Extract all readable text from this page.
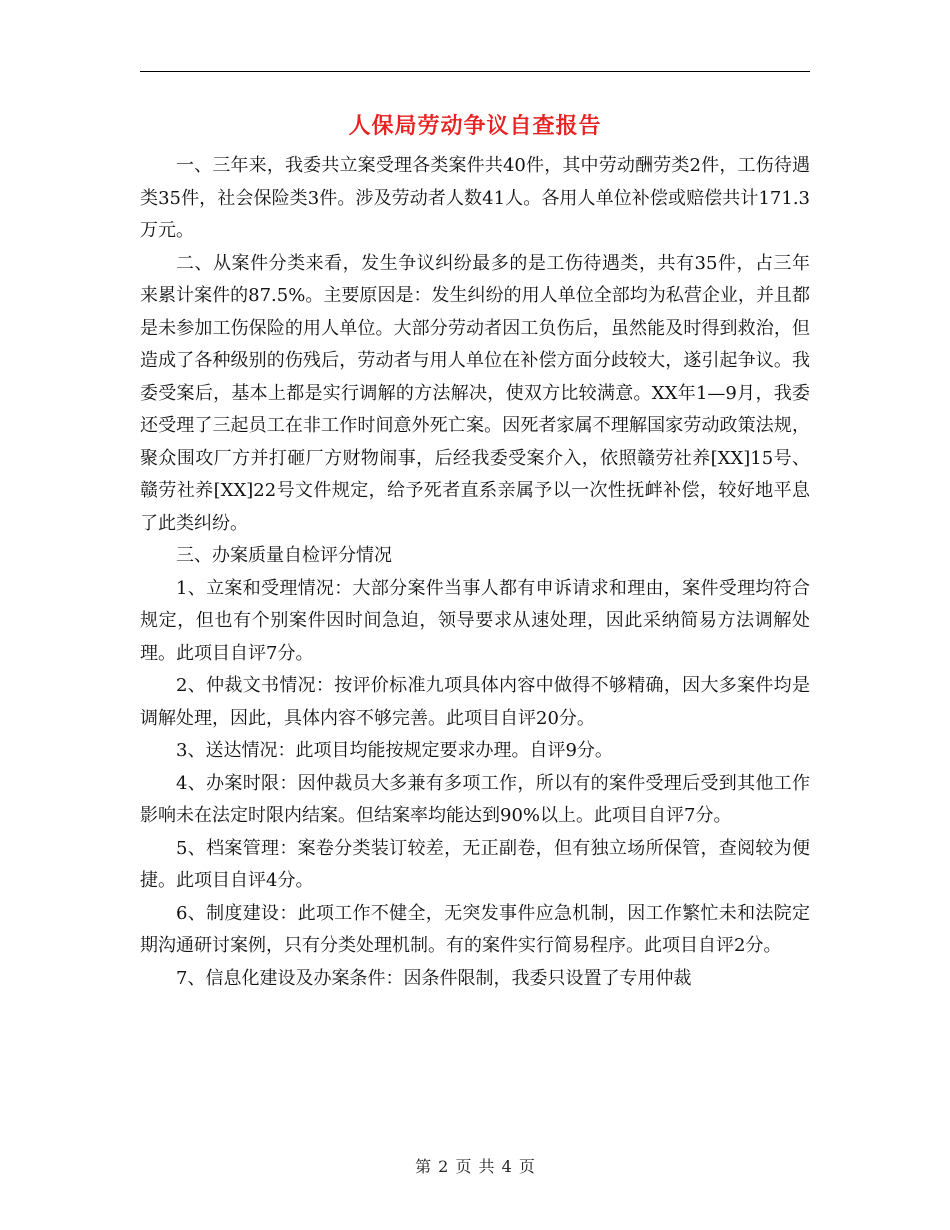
人保局劳动争议自查报告

一、三年来，我委共立案受理各类案件共40件，其中劳动酬劳类2件，工伤待遇类35件，社会保险类3件。涉及劳动者人数41人。各用人单位补偿或赔偿共计171.3万元。

二、从案件分类来看，发生争议纠纷最多的是工伤待遇类，共有35件，占三年来累计案件的87.5%。主要原因是：发生纠纷的用人单位全部均为私营企业，并且都是未参加工伤保险的用人单位。大部分劳动者因工负伤后，虽然能及时得到救治，但造成了各种级别的伤残后，劳动者与用人单位在补偿方面分歧较大，遂引起争议。我委受案后，基本上都是实行调解的方法解决，使双方比较满意。XX年1—9月，我委还受理了三起员工在非工作时间意外死亡案。因死者家属不理解国家劳动政策法规，聚众围攻厂方并打砸厂方财物闹事，后经我委受案介入，依照赣劳社养[XX]15号、赣劳社养[XX]22号文件规定，给予死者直系亲属予以一次性抚衅补偿，较好地平息了此类纠纷。

三、办案质量自检评分情况

1、立案和受理情况：大部分案件当事人都有申诉请求和理由，案件受理均符合规定，但也有个别案件因时间急迫，领导要求从速处理，因此采纳简易方法调解处理。此项目自评7分。

2、仲裁文书情况：按评价标准九项具体内容中做得不够精确，因大多案件均是调解处理，因此，具体内容不够完善。此项目自评20分。

3、送达情况：此项目均能按规定要求办理。自评9分。

4、办案时限：因仲裁员大多兼有多项工作，所以有的案件受理后受到其他工作影响未在法定时限内结案。但结案率均能达到90%以上。此项目自评7分。

5、档案管理：案卷分类装订较差，无正副卷，但有独立场所保管，查阅较为便捷。此项目自评4分。

6、制度建设：此项工作不健全，无突发事件应急机制，因工作繁忙未和法院定期沟通研讨案例，只有分类处理机制。有的案件实行简易程序。此项目自评2分。

7、信息化建设及办案条件：因条件限制，我委只设置了专用仲裁

第 2 页 共 4 页
